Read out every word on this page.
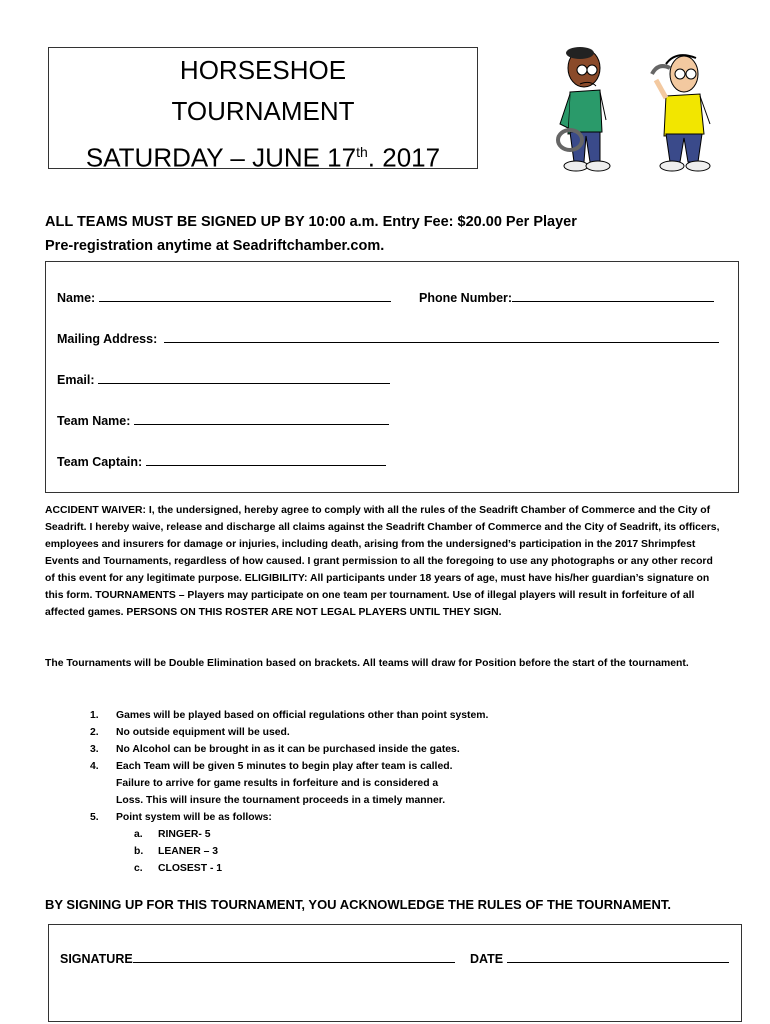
HORSESHOE
TOURNAMENT
SATURDAY – JUNE 17th. 2017
ALL TEAMS MUST BE SIGNED UP BY 10:00 a.m. Entry Fee: $20.00 Per Player
Pre-registration anytime at Seadriftchamber.com.
Name:	Phone Number:
Mailing Address:
Email:
Team Name:
Team Captain:
ACCIDENT WAIVER: I, the undersigned, hereby agree to comply with all the rules of the Seadrift Chamber of Commerce and the City of Seadrift. I hereby waive, release and discharge all claims against the Seadrift Chamber of Commerce and the City of Seadrift, its officers, employees and insurers for damage or injuries, including death, arising from the undersigned’s participation in the 2017 Shrimpfest Events and Tournaments, regardless of how caused. I grant permission to all the foregoing to use any photographs or any other record of this event for any legitimate purpose. ELIGIBILITY: All participants under 18 years of age, must have his/her guardian’s signature on this form. TOURNAMENTS – Players may participate on one team per tournament. Use of illegal players will result in forfeiture of all affected games. PERSONS ON THIS ROSTER ARE NOT LEGAL PLAYERS UNTIL THEY SIGN.
The Tournaments will be Double Elimination based on brackets. All teams will draw for Position before the start of the tournament.
1. Games will be played based on official regulations other than point system.
2. No outside equipment will be used.
3. No Alcohol can be brought in as it can be purchased inside the gates.
4. Each Team will be given 5 minutes to begin play after team is called.
Failure to arrive for game results in forfeiture and is considered a
Loss. This will insure the tournament proceeds in a timely manner.
5. Point system will be as follows:
a. RINGER- 5
b. LEANER – 3
c. CLOSEST - 1
BY SIGNING UP FOR THIS TOURNAMENT, YOU ACKNOWLEDGE THE RULES OF THE TOURNAMENT.
SIGNATURE	DATE
